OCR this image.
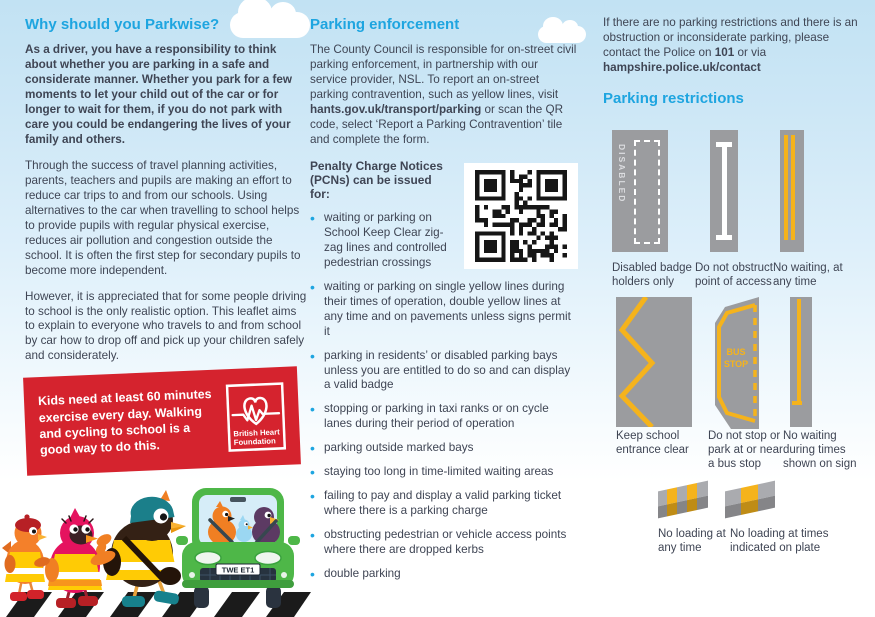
Why should you Parkwise?

As a driver, you have a responsibility to think about whether you are parking in a safe and considerate manner. Whether you park for a few moments to let your child out of the car or for longer to wait for them, if you do not park with care you could be endangering the lives of your family and others.

Through the success of travel planning activities, parents, teachers and pupils are making an effort to reduce car trips to and from our schools. Using alternatives to the car when travelling to school helps to provide pupils with regular physical exercise, reduces air pollution and congestion outside the school. It is often the first step for secondary pupils to become more independent.

However, it is appreciated that for some people driving to school is the only realistic option. This leaflet aims to explain to everyone who travels to and from school by car how to drop off and pick up your children safely and considerately.

Kids need at least 60 minutes exercise every day. Walking and cycling to school is a good way to do this.
British Heart
Foundation
Parking enforcement

The County Council is responsible for on-street civil parking enforcement, in partnership with our service provider, NSL. To report an on-street parking contravention, such as yellow lines, visit hants.gov.uk/transport/parking or scan the QR code, select ‘Report a Parking Contravention’ tile and complete the form.

Penalty Charge Notices (PCNs) can be issued for:

• waiting or parking on School Keep Clear zig-zag lines and controlled pedestrian crossings
• waiting or parking on single yellow lines during their times of operation, double yellow lines at any time and on pavements unless signs permit it
• parking in residents’ or disabled parking bays unless you are entitled to do so and can display a valid badge
• stopping or parking in taxi ranks or on cycle lanes during their period of operation
• parking outside marked bays
• staying too long in time-limited waiting areas
• failing to pay and display a valid parking ticket where there is a parking charge
• obstructing pedestrian or vehicle access points where there are dropped kerbs
• double parking

If there are no parking restrictions and there is an obstruction or inconsiderate parking, please contact the Police on 101 or via hampshire.police.uk/contact

Parking restrictions
DISABLED
Disabled badge holders only
Do not obstruct point of access
No waiting, at any time
BUS
STOP
Keep school entrance clear
Do not stop or park at or near a bus stop
No waiting during times shown on sign
No loading at any time
No loading at times indicated on plate
TWE ET1
